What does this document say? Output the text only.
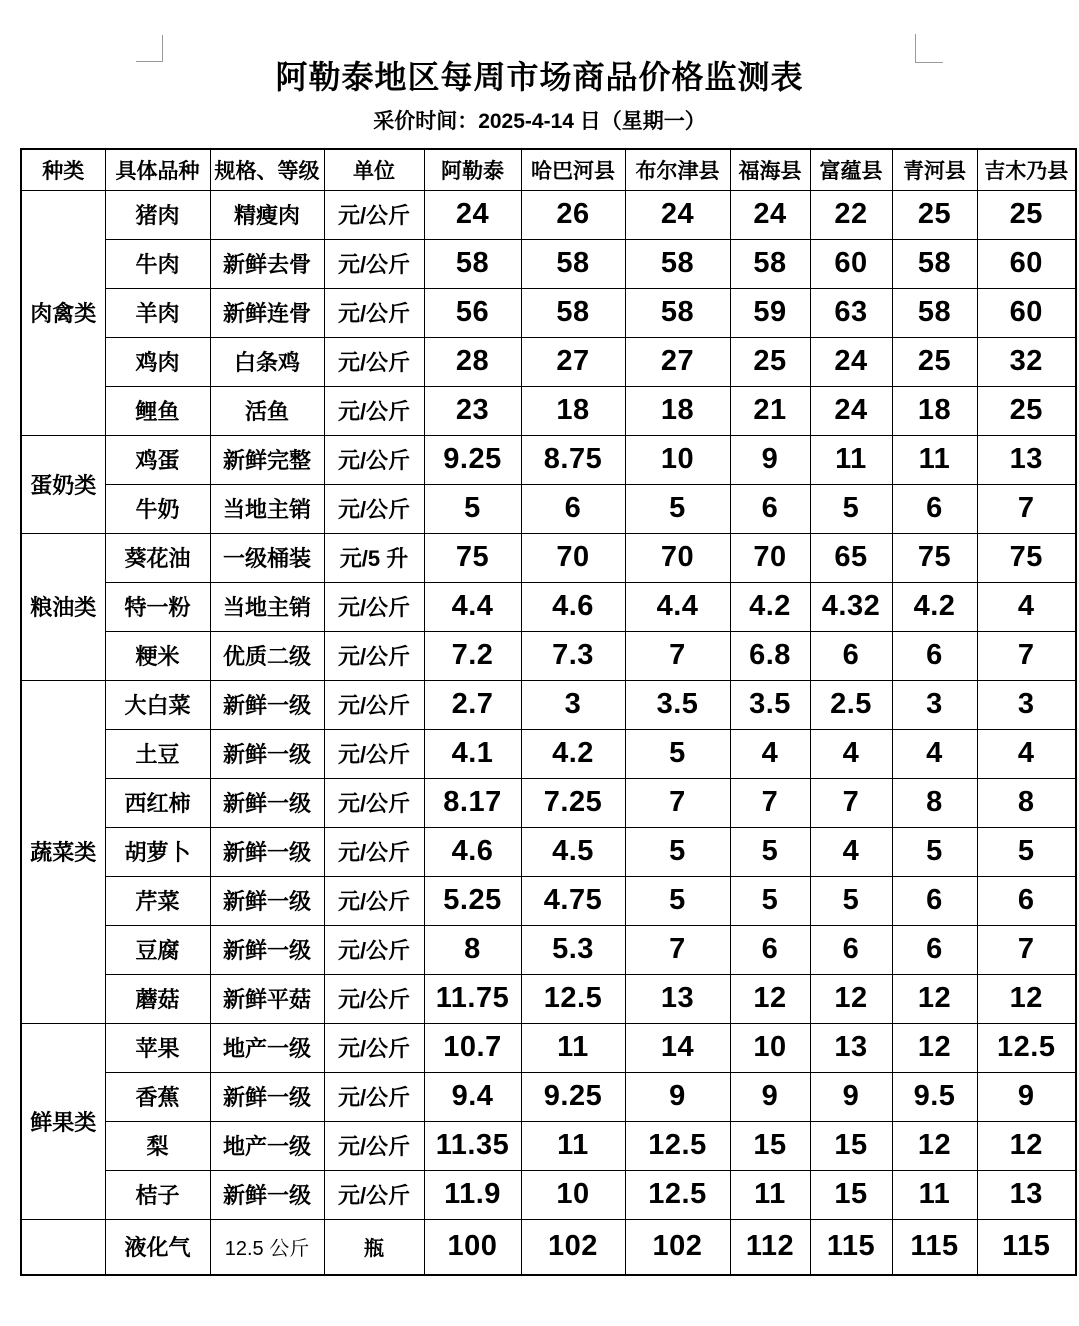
阿勒泰地区每周市场商品价格监测表
采价时间：2025-4-14 日（星期一）
种类	具体品种	规格、等级	单位	阿勒泰	哈巴河县	布尔津县	福海县	富蕴县	青河县	吉木乃县
肉禽类	猪肉	精瘦肉	元/公斤	24	26	24	24	22	25	25
	牛肉	新鲜去骨	元/公斤	58	58	58	58	60	58	60
	羊肉	新鲜连骨	元/公斤	56	58	58	59	63	58	60
	鸡肉	白条鸡	元/公斤	28	27	27	25	24	25	32
	鲤鱼	活鱼	元/公斤	23	18	18	21	24	18	25
蛋奶类	鸡蛋	新鲜完整	元/公斤	9.25	8.75	10	9	11	11	13
	牛奶	当地主销	元/公斤	5	6	5	6	5	6	7
粮油类	葵花油	一级桶装	元/5 升	75	70	70	70	65	75	75
	特一粉	当地主销	元/公斤	4.4	4.6	4.4	4.2	4.32	4.2	4
	粳米	优质二级	元/公斤	7.2	7.3	7	6.8	6	6	7
蔬菜类	大白菜	新鲜一级	元/公斤	2.7	3	3.5	3.5	2.5	3	3
	土豆	新鲜一级	元/公斤	4.1	4.2	5	4	4	4	4
	西红柿	新鲜一级	元/公斤	8.17	7.25	7	7	7	8	8
	胡萝卜	新鲜一级	元/公斤	4.6	4.5	5	5	4	5	5
	芹菜	新鲜一级	元/公斤	5.25	4.75	5	5	5	6	6
	豆腐	新鲜一级	元/公斤	8	5.3	7	6	6	6	7
	蘑菇	新鲜平菇	元/公斤	11.75	12.5	13	12	12	12	12
鲜果类	苹果	地产一级	元/公斤	10.7	11	14	10	13	12	12.5
	香蕉	新鲜一级	元/公斤	9.4	9.25	9	9	9	9.5	9
	梨	地产一级	元/公斤	11.35	11	12.5	15	15	12	12
	桔子	新鲜一级	元/公斤	11.9	10	12.5	11	15	11	13
	液化气	12.5 公斤	瓶	100	102	102	112	115	115	115
